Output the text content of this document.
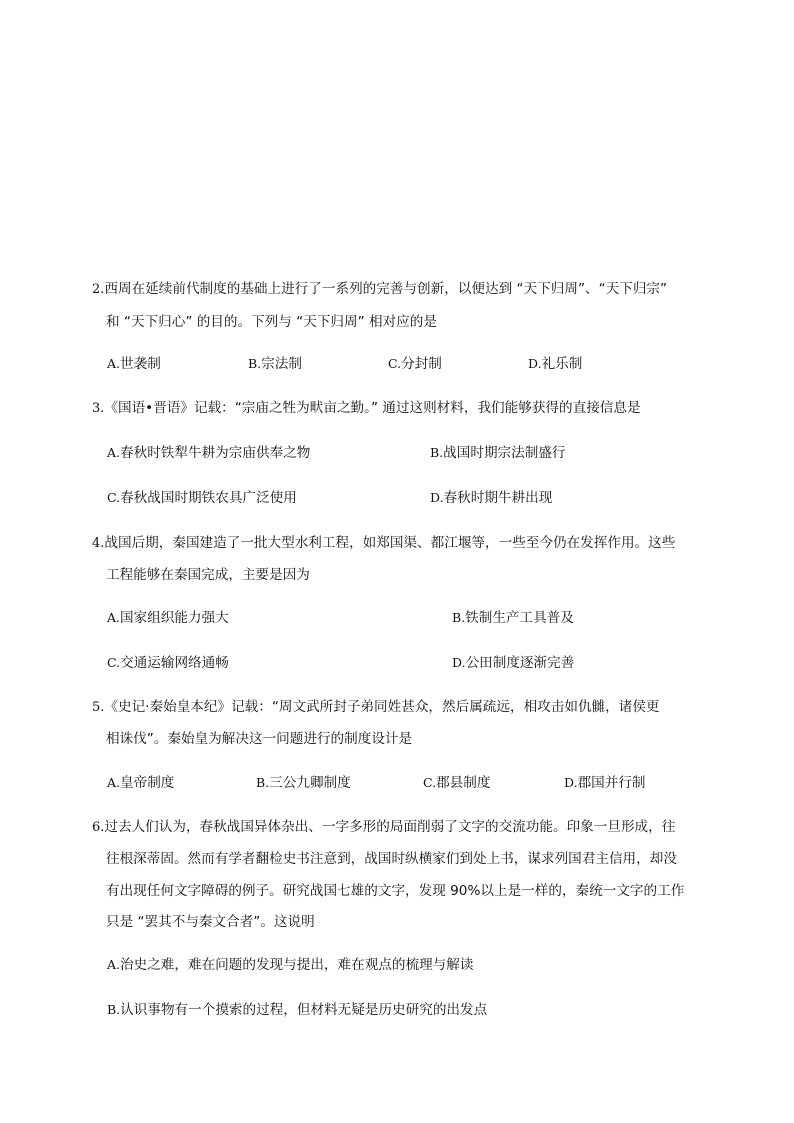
2.西周在延续前代制度的基础上进行了一系列的完善与创新，以便达到 “天下归周”、“天下归宗”
和 “天下归心” 的目的。下列与 “天下归周” 相对应的是
A.世袭制	B.宗法制	C.分封制	D.礼乐制
3.《国语•晋语》记载：“宗庙之牲为畎亩之勤。” 通过这则材料，我们能够获得的直接信息是
A.春秋时铁犁牛耕为宗庙供奉之物	B.战国时期宗法制盛行
C.春秋战国时期铁农具广泛使用	D.春秋时期牛耕出现
4.战国后期，秦国建造了一批大型水利工程，如郑国渠、都江堰等，一些至今仍在发挥作用。这些
工程能够在秦国完成，主要是因为
A.国家组织能力强大	B.铁制生产工具普及
C.交通运输网络通畅	D.公田制度逐渐完善
5.《史记·秦始皇本纪》记载：“周文武所封子弟同姓甚众，然后属疏远，相攻击如仇雠，诸侯更
相诛伐”。秦始皇为解决这一问题进行的制度设计是
A.皇帝制度	B.三公九卿制度	C.郡县制度	D.郡国并行制
6.过去人们认为，春秋战国异体杂出、一字多形的局面削弱了文字的交流功能。印象一旦形成，往
往根深蒂固。然而有学者翻检史书注意到，战国时纵横家们到处上书，谋求列国君主信用，却没
有出现任何文字障碍的例子。研究战国七雄的文字，发现 90%以上是一样的，秦统一文字的工作
只是 “罢其不与秦文合者”。这说明
A.治史之难，难在问题的发现与提出，难在观点的梳理与解读
B.认识事物有一个摸索的过程，但材料无疑是历史研究的出发点
